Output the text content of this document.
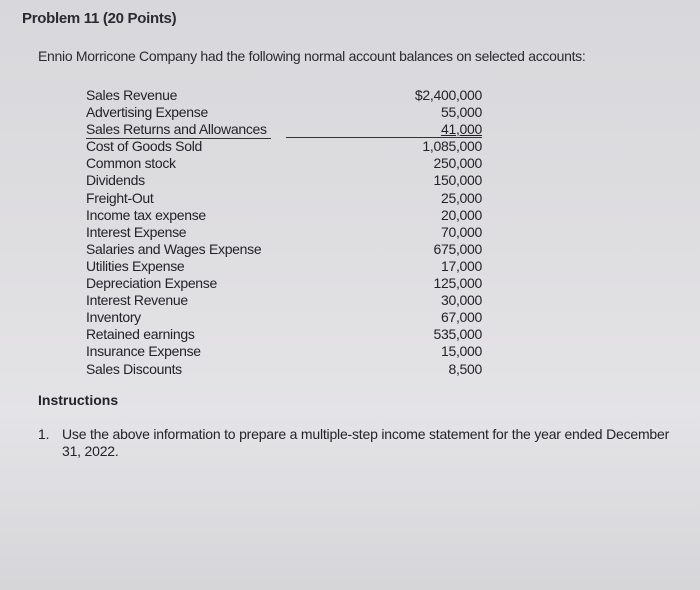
Problem 11 (20 Points)
Ennio Morricone Company had the following normal account balances on selected accounts:
Sales Revenue	$2,400,000
Advertising Expense	55,000
Sales Returns and Allowances	41,000
Cost of Goods Sold	1,085,000
Common stock	250,000
Dividends	150,000
Freight-Out	25,000
Income tax expense	20,000
Interest Expense	70,000
Salaries and Wages Expense	675,000
Utilities Expense	17,000
Depreciation Expense	125,000
Interest Revenue	30,000
Inventory	67,000
Retained earnings	535,000
Insurance Expense	15,000
Sales Discounts	8,500
Instructions
1. Use the above information to prepare a multiple-step income statement for the year ended December 31, 2022.
